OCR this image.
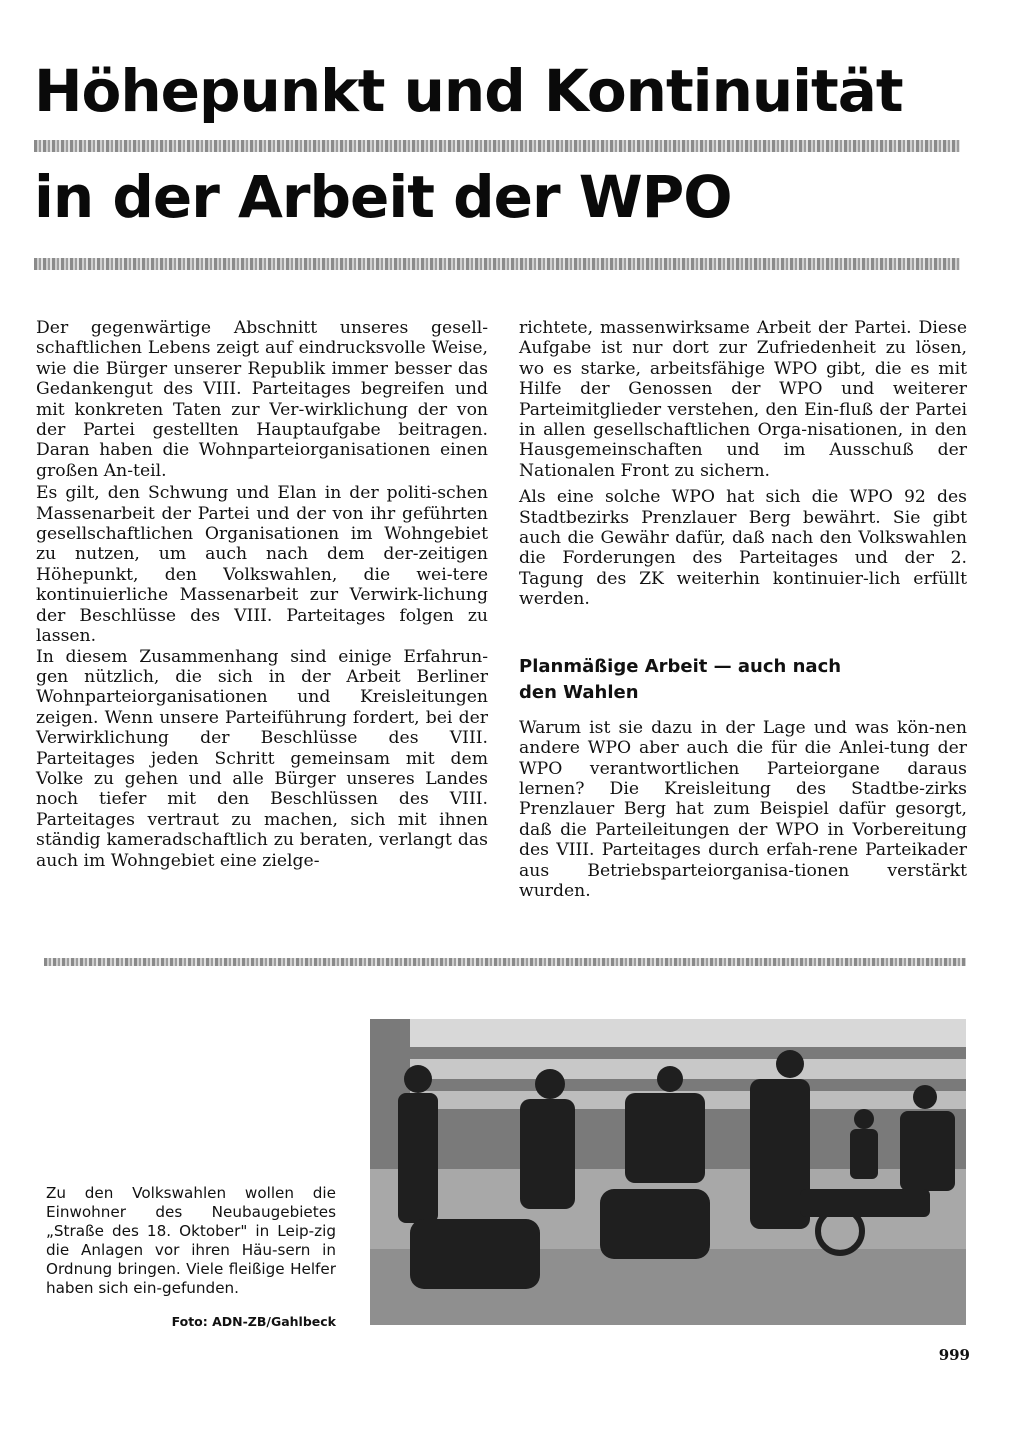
Höhepunkt und Kontinuität
in der Arbeit der WPO

Der gegenwärtige Abschnitt unseres gesell-schaftlichen Lebens zeigt auf eindrucksvolle Weise, wie die Bürger unserer Republik immer besser das Gedankengut des VIII. Parteitages begreifen und mit konkreten Taten zur Ver-wirklichung der von der Partei gestellten Hauptaufgabe beitragen. Daran haben die Wohnparteiorganisationen einen großen An-teil.

Es gilt, den Schwung und Elan in der politi-schen Massenarbeit der Partei und der von ihr geführten gesellschaftlichen Organisationen im Wohngebiet zu nutzen, um auch nach dem der-zeitigen Höhepunkt, den Volkswahlen, die wei-tere kontinuierliche Massenarbeit zur Verwirk-lichung der Beschlüsse des VIII. Parteitages folgen zu lassen.

In diesem Zusammenhang sind einige Erfahrun-gen nützlich, die sich in der Arbeit Berliner Wohnparteiorganisationen und Kreisleitungen zeigen. Wenn unsere Parteiführung fordert, bei der Verwirklichung der Beschlüsse des VIII. Parteitages jeden Schritt gemeinsam mit dem Volke zu gehen und alle Bürger unseres Landes noch tiefer mit den Beschlüssen des VIII. Parteitages vertraut zu machen, sich mit ihnen ständig kameradschaftlich zu beraten, verlangt das auch im Wohngebiet eine zielge-

richtete, massenwirksame Arbeit der Partei. Diese Aufgabe ist nur dort zur Zufriedenheit zu lösen, wo es starke, arbeitsfähige WPO gibt, die es mit Hilfe der Genossen der WPO und weiterer Parteimitglieder verstehen, den Ein-fluß der Partei in allen gesellschaftlichen Orga-nisationen, in den Hausgemeinschaften und im Ausschuß der Nationalen Front zu sichern.

Als eine solche WPO hat sich die WPO 92 des Stadtbezirks Prenzlauer Berg bewährt. Sie gibt auch die Gewähr dafür, daß nach den Volkswahlen die Forderungen des Parteitages und der 2. Tagung des ZK weiterhin kontinuier-lich erfüllt werden.

Planmäßige Arbeit — auch nach
den Wahlen

Warum ist sie dazu in der Lage und was kön-nen andere WPO aber auch die für die Anlei-tung der WPO verantwortlichen Parteiorgane daraus lernen? Die Kreisleitung des Stadtbe-zirks Prenzlauer Berg hat zum Beispiel dafür gesorgt, daß die Parteileitungen der WPO in Vorbereitung des VIII. Parteitages durch erfah-rene Parteikader aus Betriebsparteiorganisa-tionen verstärkt wurden.

Zu den Volkswahlen wollen die Einwohner des Neubaugebietes „Straße des 18. Oktober" in Leip-zig die Anlagen vor ihren Häu-sern in Ordnung bringen. Viele fleißige Helfer haben sich ein-gefunden.

Foto: ADN-ZB/Gahlbeck

999
